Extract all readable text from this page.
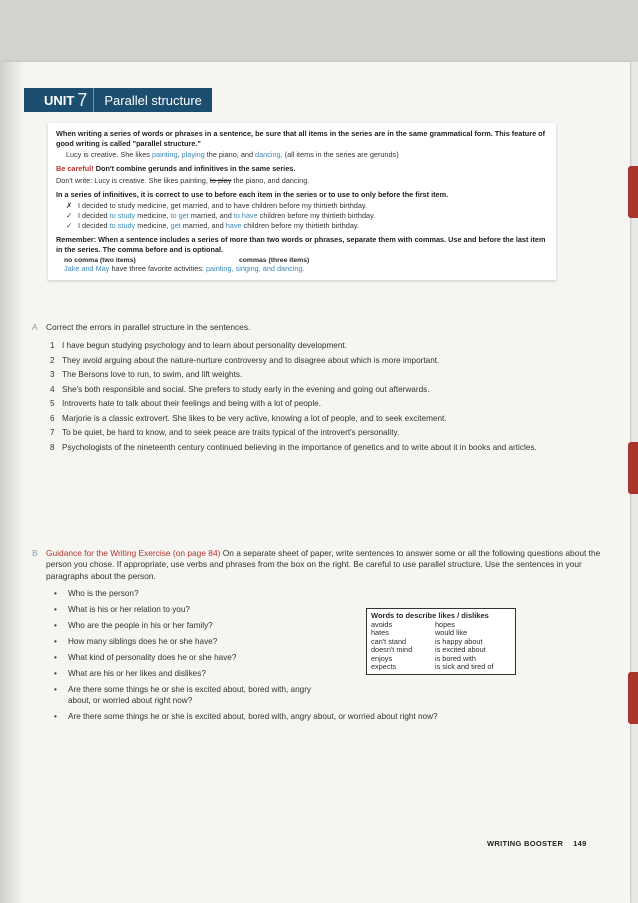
UNIT 7	Parallel structure

When writing a series of words or phrases in a sentence, be sure that all items in the series are in the same grammatical form. This feature of good writing is called "parallel structure."

Lucy is creative. She likes painting, playing the piano, and dancing. (all items in the series are gerunds)

Be careful! Don't combine gerunds and infinitives in the same series.

Don't write: Lucy is creative. She likes painting, to play the piano, and dancing.

In a series of infinitives, it is correct to use to before each item in the series or to use to only before the first item.

✗ I decided to study medicine, get married, and to have children before my thirtieth birthday.

✓ I decided to study medicine, to get married, and to have children before my thirtieth birthday.

✓ I decided to study medicine, get married, and have children before my thirtieth birthday.

Remember: When a sentence includes a series of more than two words or phrases, separate them with commas. Use and before the last item in the series. The comma before and is optional.

no comma (two items)	commas (three items)

Jake and May have three favorite activities: painting, singing, and dancing.

A Correct the errors in parallel structure in the sentences.

1 I have begun studying psychology and to learn about personality development.
2 They avoid arguing about the nature-nurture controversy and to disagree about which is more important.
3 The Bersons love to run, to swim, and lift weights.
4 She's both responsible and social. She prefers to study early in the evening and going out afterwards.
5 Introverts hate to talk about their feelings and being with a lot of people.
6 Marjorie is a classic extrovert. She likes to be very active, knowing a lot of people, and to seek excitement.
7 To be quiet, be hard to know, and to seek peace are traits typical of the introvert's personality.
8 Psychologists of the nineteenth century continued believing in the importance of genetics and to write about it in books and articles.
B Guidance for the Writing Exercise (on page 84) On a separate sheet of paper, write sentences to answer some or all the following questions about the person you chose. If appropriate, use verbs and phrases from the box on the right. Be careful to use parallel structure. Use the sentences in your paragraphs about the person.

•	Who is the person?
•	What is his or her relation to you?
•	Who are the people in his or her family?
•	How many siblings does he or she have?
•	What kind of personality does he or she have?
•	What are his or her likes and dislikes?
•	Are there some things he or she is excited about, bored with, angry about, or worried about right now?
•	Are there some things he or she is excited about, bored with, angry about, or worried about right now?
Words to describe likes / dislikes
avoids	hopes
hates	would like
can't stand	is happy about
doesn't mind	is excited about
enjoys	is bored with
expects	is sick and tired of
WRITING BOOSTER 149
